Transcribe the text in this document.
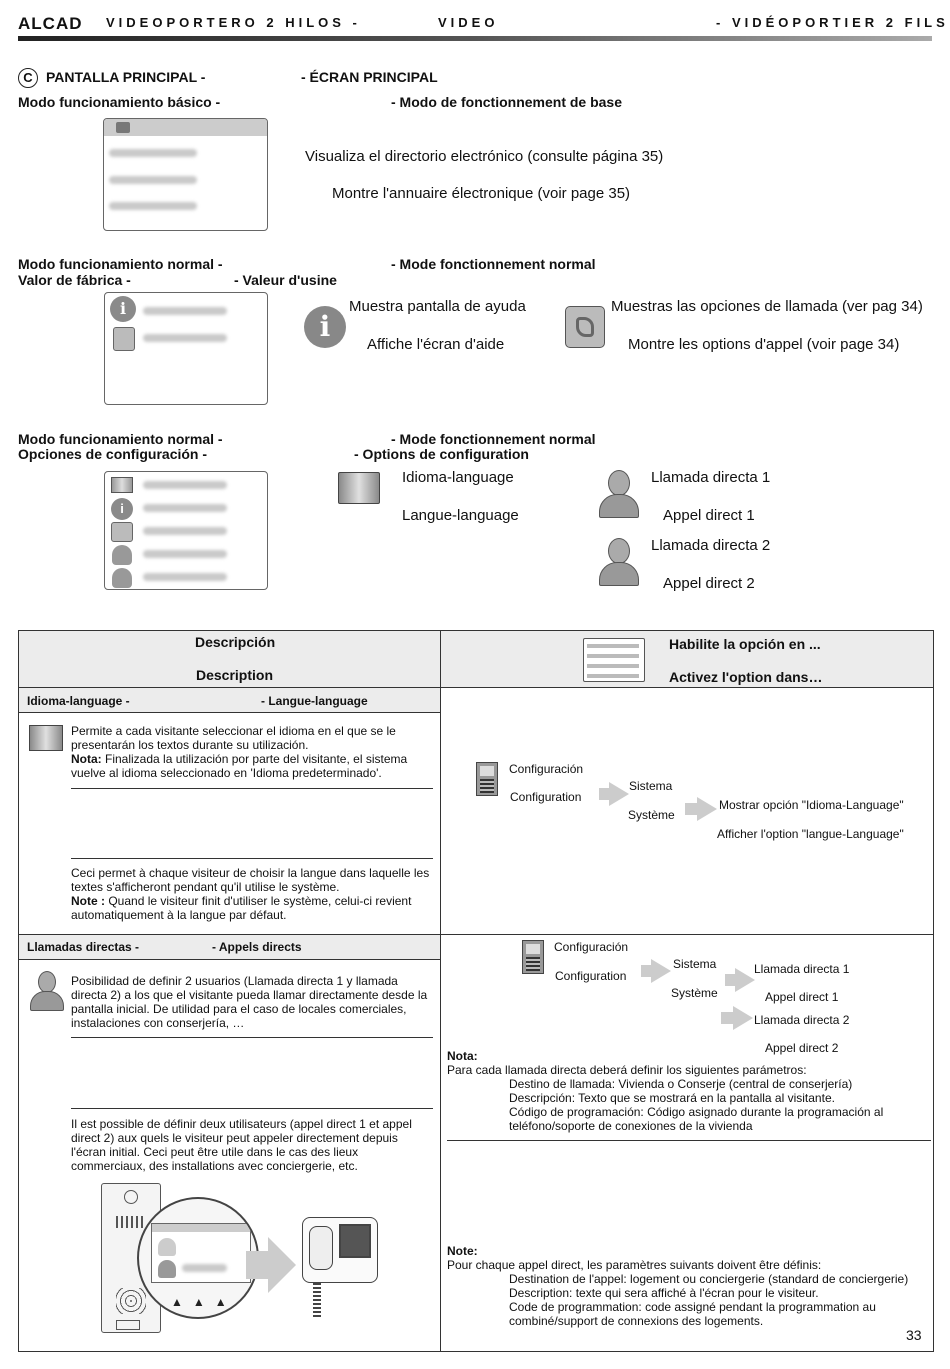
ALCAD VIDEOPORTERO 2 HILOS -	VIDEO	- VIDÉOPORTIER 2 FILS
C PANTALLA PRINCIPAL -	- ÉCRAN PRINCIPAL
Modo funcionamiento básico -	- Modo de fonctionnement de base
Visualiza el directorio electrónico (consulte página 35)
Montre l'annuaire électronique (voir page 35)
Modo funcionamiento normal -	- Mode fonctionnement normal
Valor de fábrica -	- Valeur d'usine
i
i
Muestra pantalla de ayuda
Affiche l'écran d'aide
Muestras las opciones de llamada (ver pag 34)
Montre les options d'appel (voir page 34)
Modo funcionamiento normal -	- Mode fonctionnement normal
Opciones de configuración -	- Options de configuration
i
Idioma-language
Langue-language
Llamada directa 1
Appel direct 1
Llamada directa 2
Appel direct 2
Descripción
Description
Habilite la opción en ...
Activez l'option dans…
Idioma-language -	- Langue-language
Permite a cada visitante seleccionar el idioma en el que se le presentarán los textos durante su utilización.
Nota: Finalizada la utilización por parte del visitante, el sistema vuelve al idioma seleccionado en 'Idioma predeterminado'.
Ceci permet à chaque visiteur de choisir la langue dans laquelle les textes s'afficheront pendant qu'il utilise le système.
Note : Quand le visiteur finit d'utiliser le système, celui-ci revient automatiquement à la langue par défaut.
Configuración
Configuration
Sistema
Système
Mostrar opción "Idioma-Language"
Afficher l'option "langue-Language"
Llamadas directas -	- Appels directs
Posibilidad de definir 2 usuarios (Llamada directa 1 y llamada directa 2) a los que el visitante pueda llamar directamente desde la pantalla inicial. De utilidad para el caso de locales comerciales, instalaciones con conserjería, …
Il est possible de définir deux utilisateurs (appel direct 1 et appel direct 2) aux quels le visiteur peut appeler directement depuis l'écran initial. Ceci peut être utile dans le cas des lieux commerciaux, des installations avec conciergerie, etc.
▲   ▲   ▲
Configuración
Configuration
Sistema
Système
Llamada directa 1
Appel direct 1
Llamada directa 2
Appel direct 2
Nota:
Para cada llamada directa deberá definir los siguientes parámetros:
Destino de llamada: Vivienda o Conserje (central de conserjería)
Descripción: Texto que se mostrará en la pantalla al visitante.
Código de programación: Código asignado durante la programación al teléfono/soporte de conexiones de la vivienda
Note:
Pour chaque appel direct, les paramètres suivants doivent être définis:
Destination de l'appel: logement ou conciergerie (standard de conciergerie)
Description: texte qui sera affiché à l'écran pour le visiteur.
Code de programmation: code assigné pendant la programmation au combiné/support de connexions des logements.
33
